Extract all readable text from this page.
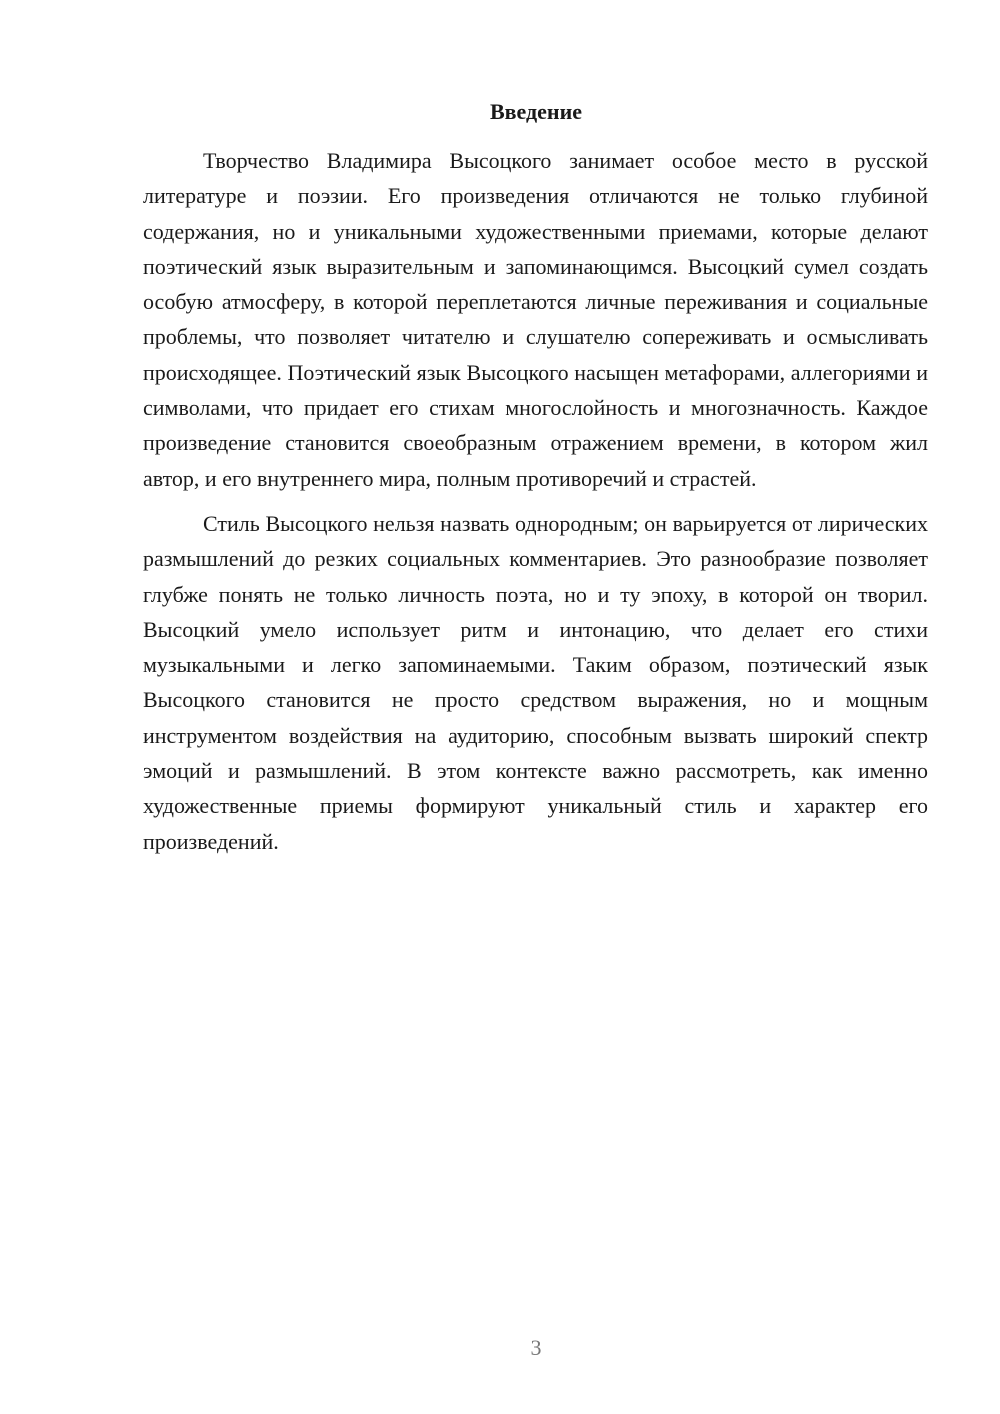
Введение

Творчество Владимира Высоцкого занимает особое место в русской литературе и поэзии. Его произведения отличаются не только глубиной содержания, но и уникальными художественными приемами, которые делают поэтический язык выразительным и запоминающимся. Высоцкий сумел создать особую атмосферу, в которой переплетаются личные переживания и социальные проблемы, что позволяет читателю и слушателю сопереживать и осмысливать происходящее. Поэтический язык Высоцкого насыщен метафорами, аллегориями и символами, что придает его стихам многослойность и многозначность. Каждое произведение становится своеобразным отражением времени, в котором жил автор, и его внутреннего мира, полным противоречий и страстей.

Стиль Высоцкого нельзя назвать однородным; он варьируется от лирических размышлений до резких социальных комментариев. Это разнообразие позволяет глубже понять не только личность поэта, но и ту эпоху, в которой он творил. Высоцкий умело использует ритм и интонацию, что делает его стихи музыкальными и легко запоминаемыми. Таким образом, поэтический язык Высоцкого становится не просто средством выражения, но и мощным инструментом воздействия на аудиторию, способным вызвать широкий спектр эмоций и размышлений. В этом контексте важно рассмотреть, как именно художественные приемы формируют уникальный стиль и характер его произведений.

3
